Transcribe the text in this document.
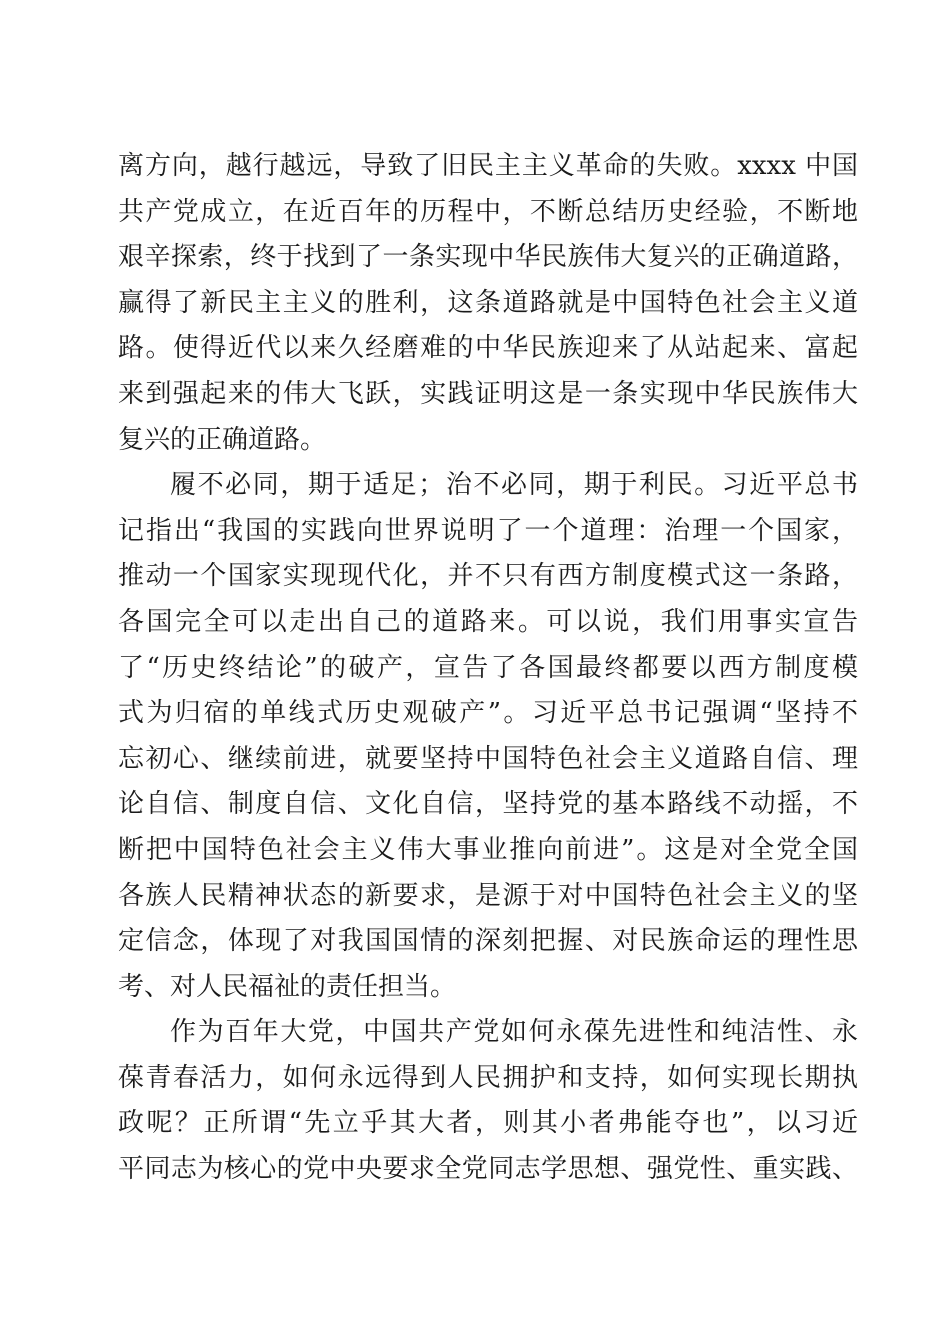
离方向，越行越远，导致了旧民主主义革命的失败。xxxx 中国
共产党成立，在近百年的历程中，不断总结历史经验，不断地
艰辛探索，终于找到了一条实现中华民族伟大复兴的正确道路，
赢得了新民主主义的胜利，这条道路就是中国特色社会主义道
路。使得近代以来久经磨难的中华民族迎来了从站起来、富起
来到强起来的伟大飞跃，实践证明这是一条实现中华民族伟大
复兴的正确道路。
履不必同，期于适足；治不必同，期于利民。习近平总书
记指出“我国的实践向世界说明了一个道理：治理一个国家，
推动一个国家实现现代化，并不只有西方制度模式这一条路，
各国完全可以走出自己的道路来。可以说，我们用事实宣告
了“历史终结论”的破产，宣告了各国最终都要以西方制度模
式为归宿的单线式历史观破产”。习近平总书记强调“坚持不
忘初心、继续前进，就要坚持中国特色社会主义道路自信、理
论自信、制度自信、文化自信，坚持党的基本路线不动摇，不
断把中国特色社会主义伟大事业推向前进”。这是对全党全国
各族人民精神状态的新要求，是源于对中国特色社会主义的坚
定信念，体现了对我国国情的深刻把握、对民族命运的理性思
考、对人民福祉的责任担当。
作为百年大党，中国共产党如何永葆先进性和纯洁性、永
葆青春活力，如何永远得到人民拥护和支持，如何实现长期执
政呢？正所谓“先立乎其大者，则其小者弗能夺也”，以习近
平同志为核心的党中央要求全党同志学思想、强党性、重实践、
